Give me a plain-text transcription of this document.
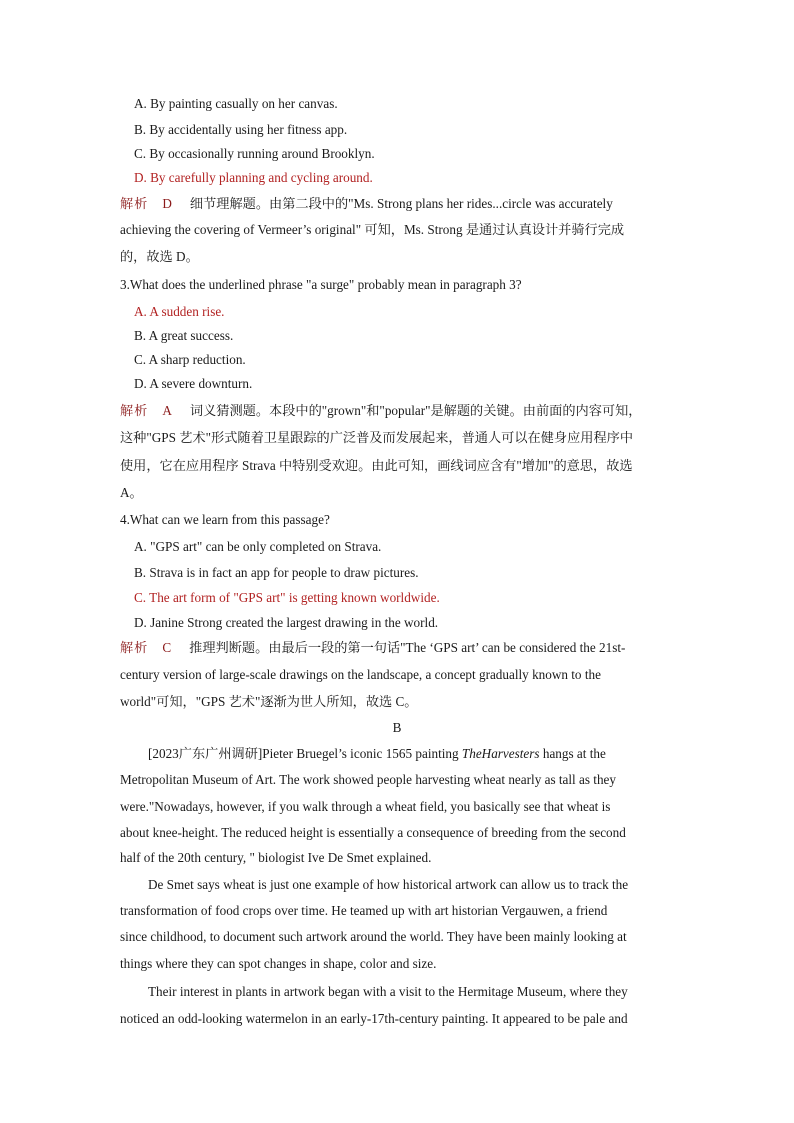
A. By painting casually on her canvas.
B. By accidentally using her fitness app.
C. By occasionally running around Brooklyn.
D. By carefully planning and cycling around.
解析 D 细节理解题。由第二段中的"Ms. Strong plans her rides...circle was accurately
achieving the covering of Vermeer’s original" 可知，Ms. Strong 是通过认真设计并骑行完成
的，故选 D。
3.What does the underlined phrase "a surge" probably mean in paragraph 3?
A. A sudden rise.
B. A great success.
C. A sharp reduction.
D. A severe downturn.
解析 A 词义猜测题。本段中的"grown"和"popular"是解题的关键。由前面的内容可知，
这种"GPS 艺术"形式随着卫星跟踪的广泛普及而发展起来，普通人可以在健身应用程序中
使用，它在应用程序 Strava 中特别受欢迎。由此可知，画线词应含有"增加"的意思，故选
A。
4.What can we learn from this passage?
A. "GPS art" can be only completed on Strava.
B. Strava is in fact an app for people to draw pictures.
C. The art form of "GPS art" is getting known worldwide.
D. Janine Strong created the largest drawing in the world.
解析 C 推理判断题。由最后一段的第一句话"The ‘GPS art’ can be considered the 21st-
century version of large-scale drawings on the landscape, a concept gradually known to the
world"可知，"GPS 艺术"逐渐为世人所知，故选 C。
B
[2023广东广州调研]Pieter Bruegel’s iconic 1565 painting TheHarvesters hangs at the
Metropolitan Museum of Art. The work showed people harvesting wheat nearly as tall as they
were."Nowadays, however, if you walk through a wheat field, you basically see that wheat is
about knee-height. The reduced height is essentially a consequence of breeding from the second
half of the 20th century, " biologist Ive De Smet explained.
De Smet says wheat is just one example of how historical artwork can allow us to track the
transformation of food crops over time. He teamed up with art historian Vergauwen, a friend
since childhood, to document such artwork around the world. They have been mainly looking at
things where they can spot changes in shape, color and size.
Their interest in plants in artwork began with a visit to the Hermitage Museum, where they
noticed an odd-looking watermelon in an early-17th-century painting. It appeared to be pale and
